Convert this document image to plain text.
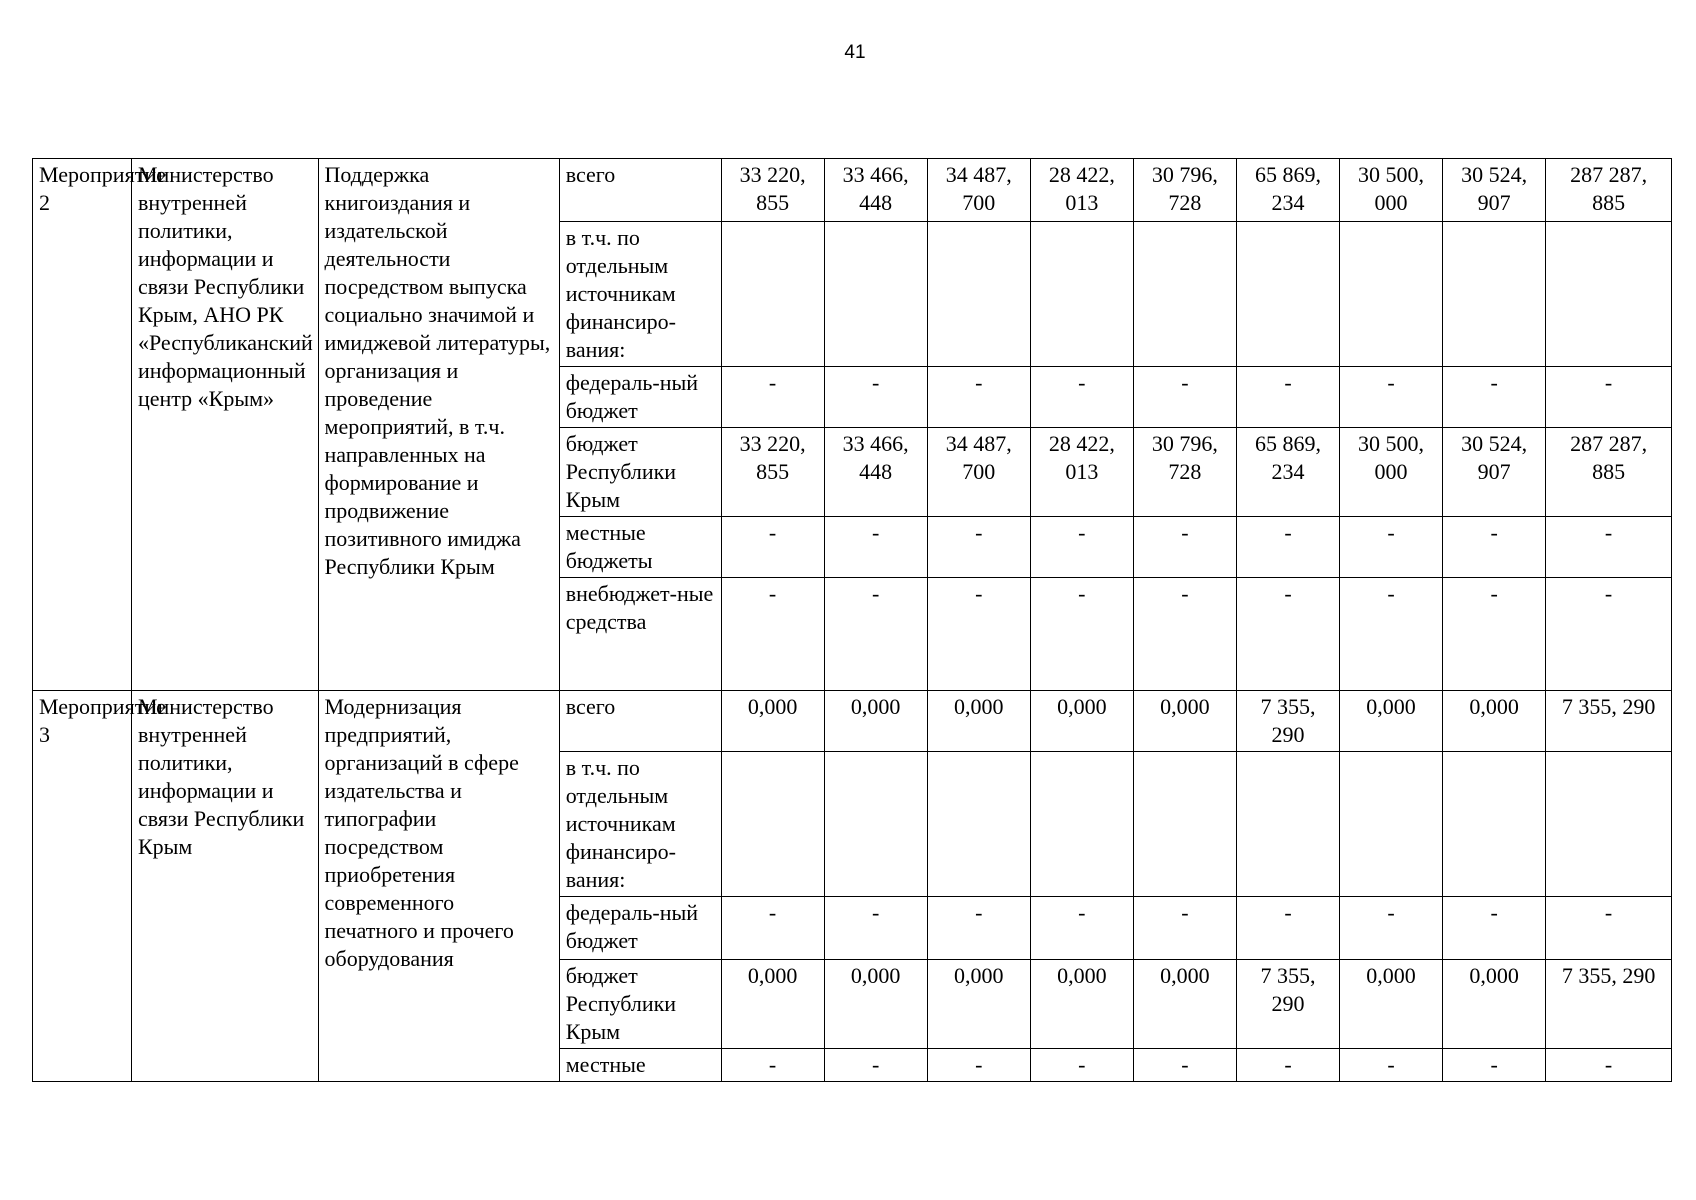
41
Мероприятие 2	Министерство внутренней политики, информации и связи Республики Крым, АНО РК «Республиканский информационный центр «Крым»	Поддержка книгоиздания и издательской деятельности посредством выпуска социально значимой и имиджевой литературы, организация и проведение мероприятий, в т.ч. направленных на формирование и продвижение позитивного имиджа Республики Крым	всего	33 220, 855	33 466, 448	34 487, 700	28 422, 013	30 796, 728	65 869, 234	30 500, 000	30 524, 907	287 287, 885
			в т.ч. по отдельным источникам финансиро-вания:									
			федераль-ный бюджет	-	-	-	-	-	-	-	-	-
			бюджет Республики Крым	33 220, 855	33 466, 448	34 487, 700	28 422, 013	30 796, 728	65 869, 234	30 500, 000	30 524, 907	287 287, 885
			местные бюджеты	-	-	-	-	-	-	-	-	-
			внебюджет-ные средства	-	-	-	-	-	-	-	-	-
Мероприятие 3	Министерство внутренней политики, информации и связи Республики Крым	Модернизация предприятий, организаций в сфере издательства и типографии посредством приобретения современного печатного и прочего оборудования	всего	0,000	0,000	0,000	0,000	0,000	7 355, 290	0,000	0,000	7 355, 290
			в т.ч. по отдельным источникам финансиро-вания:									
			федераль-ный бюджет	-	-	-	-	-	-	-	-	-
			бюджет Республики Крым	0,000	0,000	0,000	0,000	0,000	7 355, 290	0,000	0,000	7 355, 290
			местные	-	-	-	-	-	-	-	-	-
